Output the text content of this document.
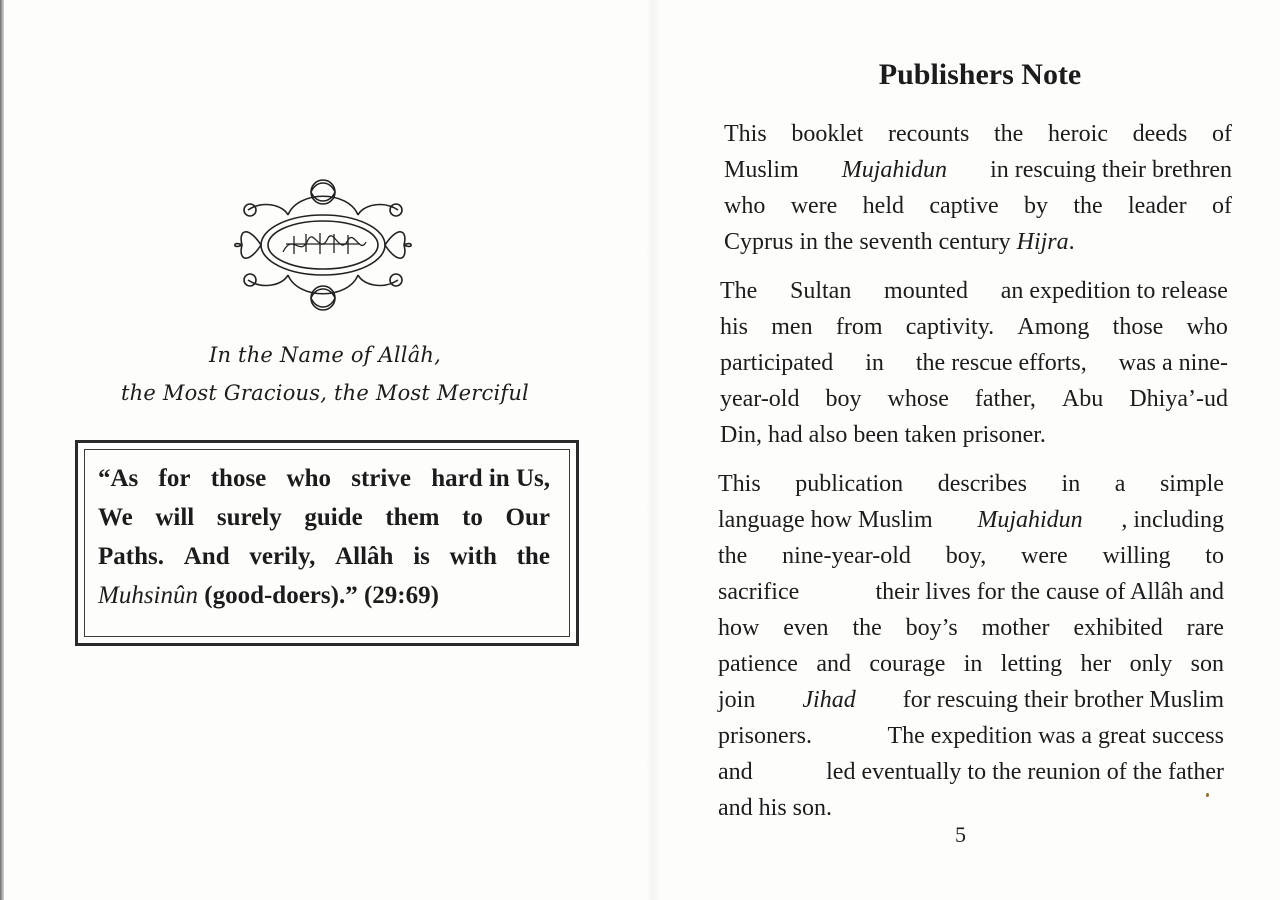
In the Name of Allâh,
the Most Gracious, the Most Merciful
“As for those who strive hard in Us,
We will surely guide them to Our
Paths. And verily, Allâh is with the
Muhsinûn (good-doers).” (29:69)
Publishers Note
This booklet recounts the heroic deeds of
Muslim Mujahidun in rescuing their brethren
who were held captive by the leader of
Cyprus in the seventh century Hijra .
The Sultan mounted an expedition to release
his men from captivity. Among those who
participated in the rescue efforts, was a nine-
year-old boy whose father, Abu Dhiya’-ud
Din, had also been taken prisoner.
This publication describes in a simple
language how Muslim Mujahidun , including
the nine-year-old boy, were willing to
sacrifice	their lives for the cause of Allâh and
how even the boy’s mother exhibited rare
patience and courage in letting her only son
join Jihad for rescuing their brother Muslim
prisoners.	The expedition was a great success
and	led eventually to the reunion of the father
and his son.
5
